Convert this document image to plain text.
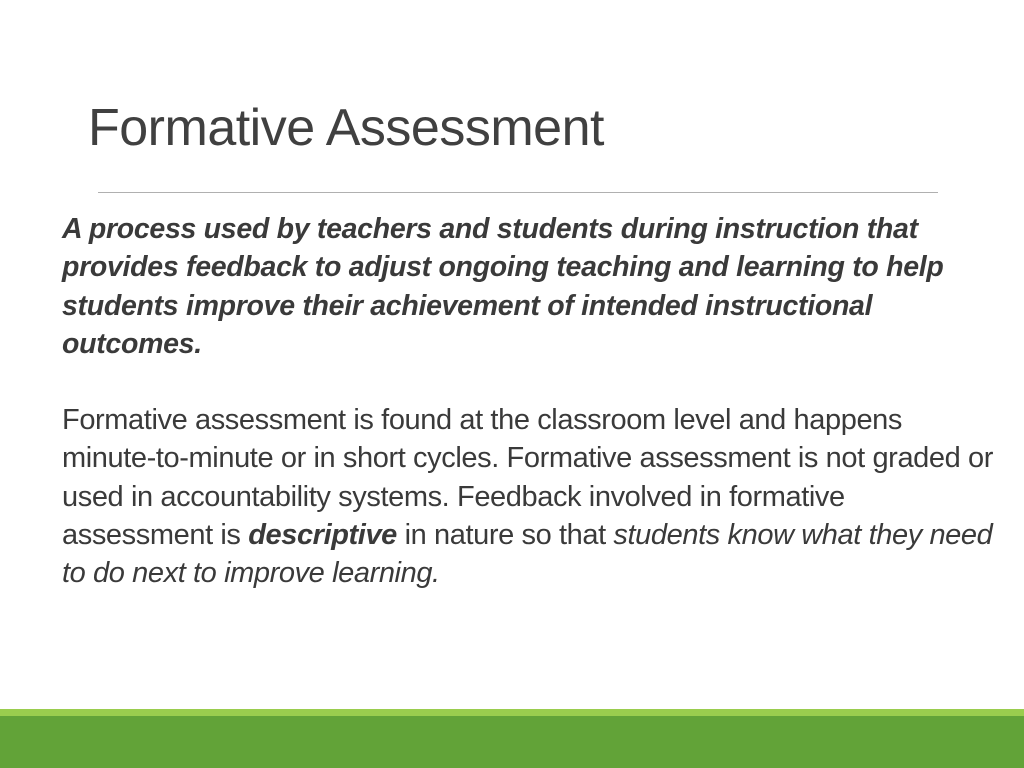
Formative Assessment

A process used by teachers and students during instruction that provides feedback to adjust ongoing teaching and learning to help students improve their achievement of intended instructional outcomes.

Formative assessment is found at the classroom level and happens minute-to-minute or in short cycles. Formative assessment is not graded or used in accountability systems. Feedback involved in formative assessment is descriptive in nature so that students know what they need to do next to improve learning.
